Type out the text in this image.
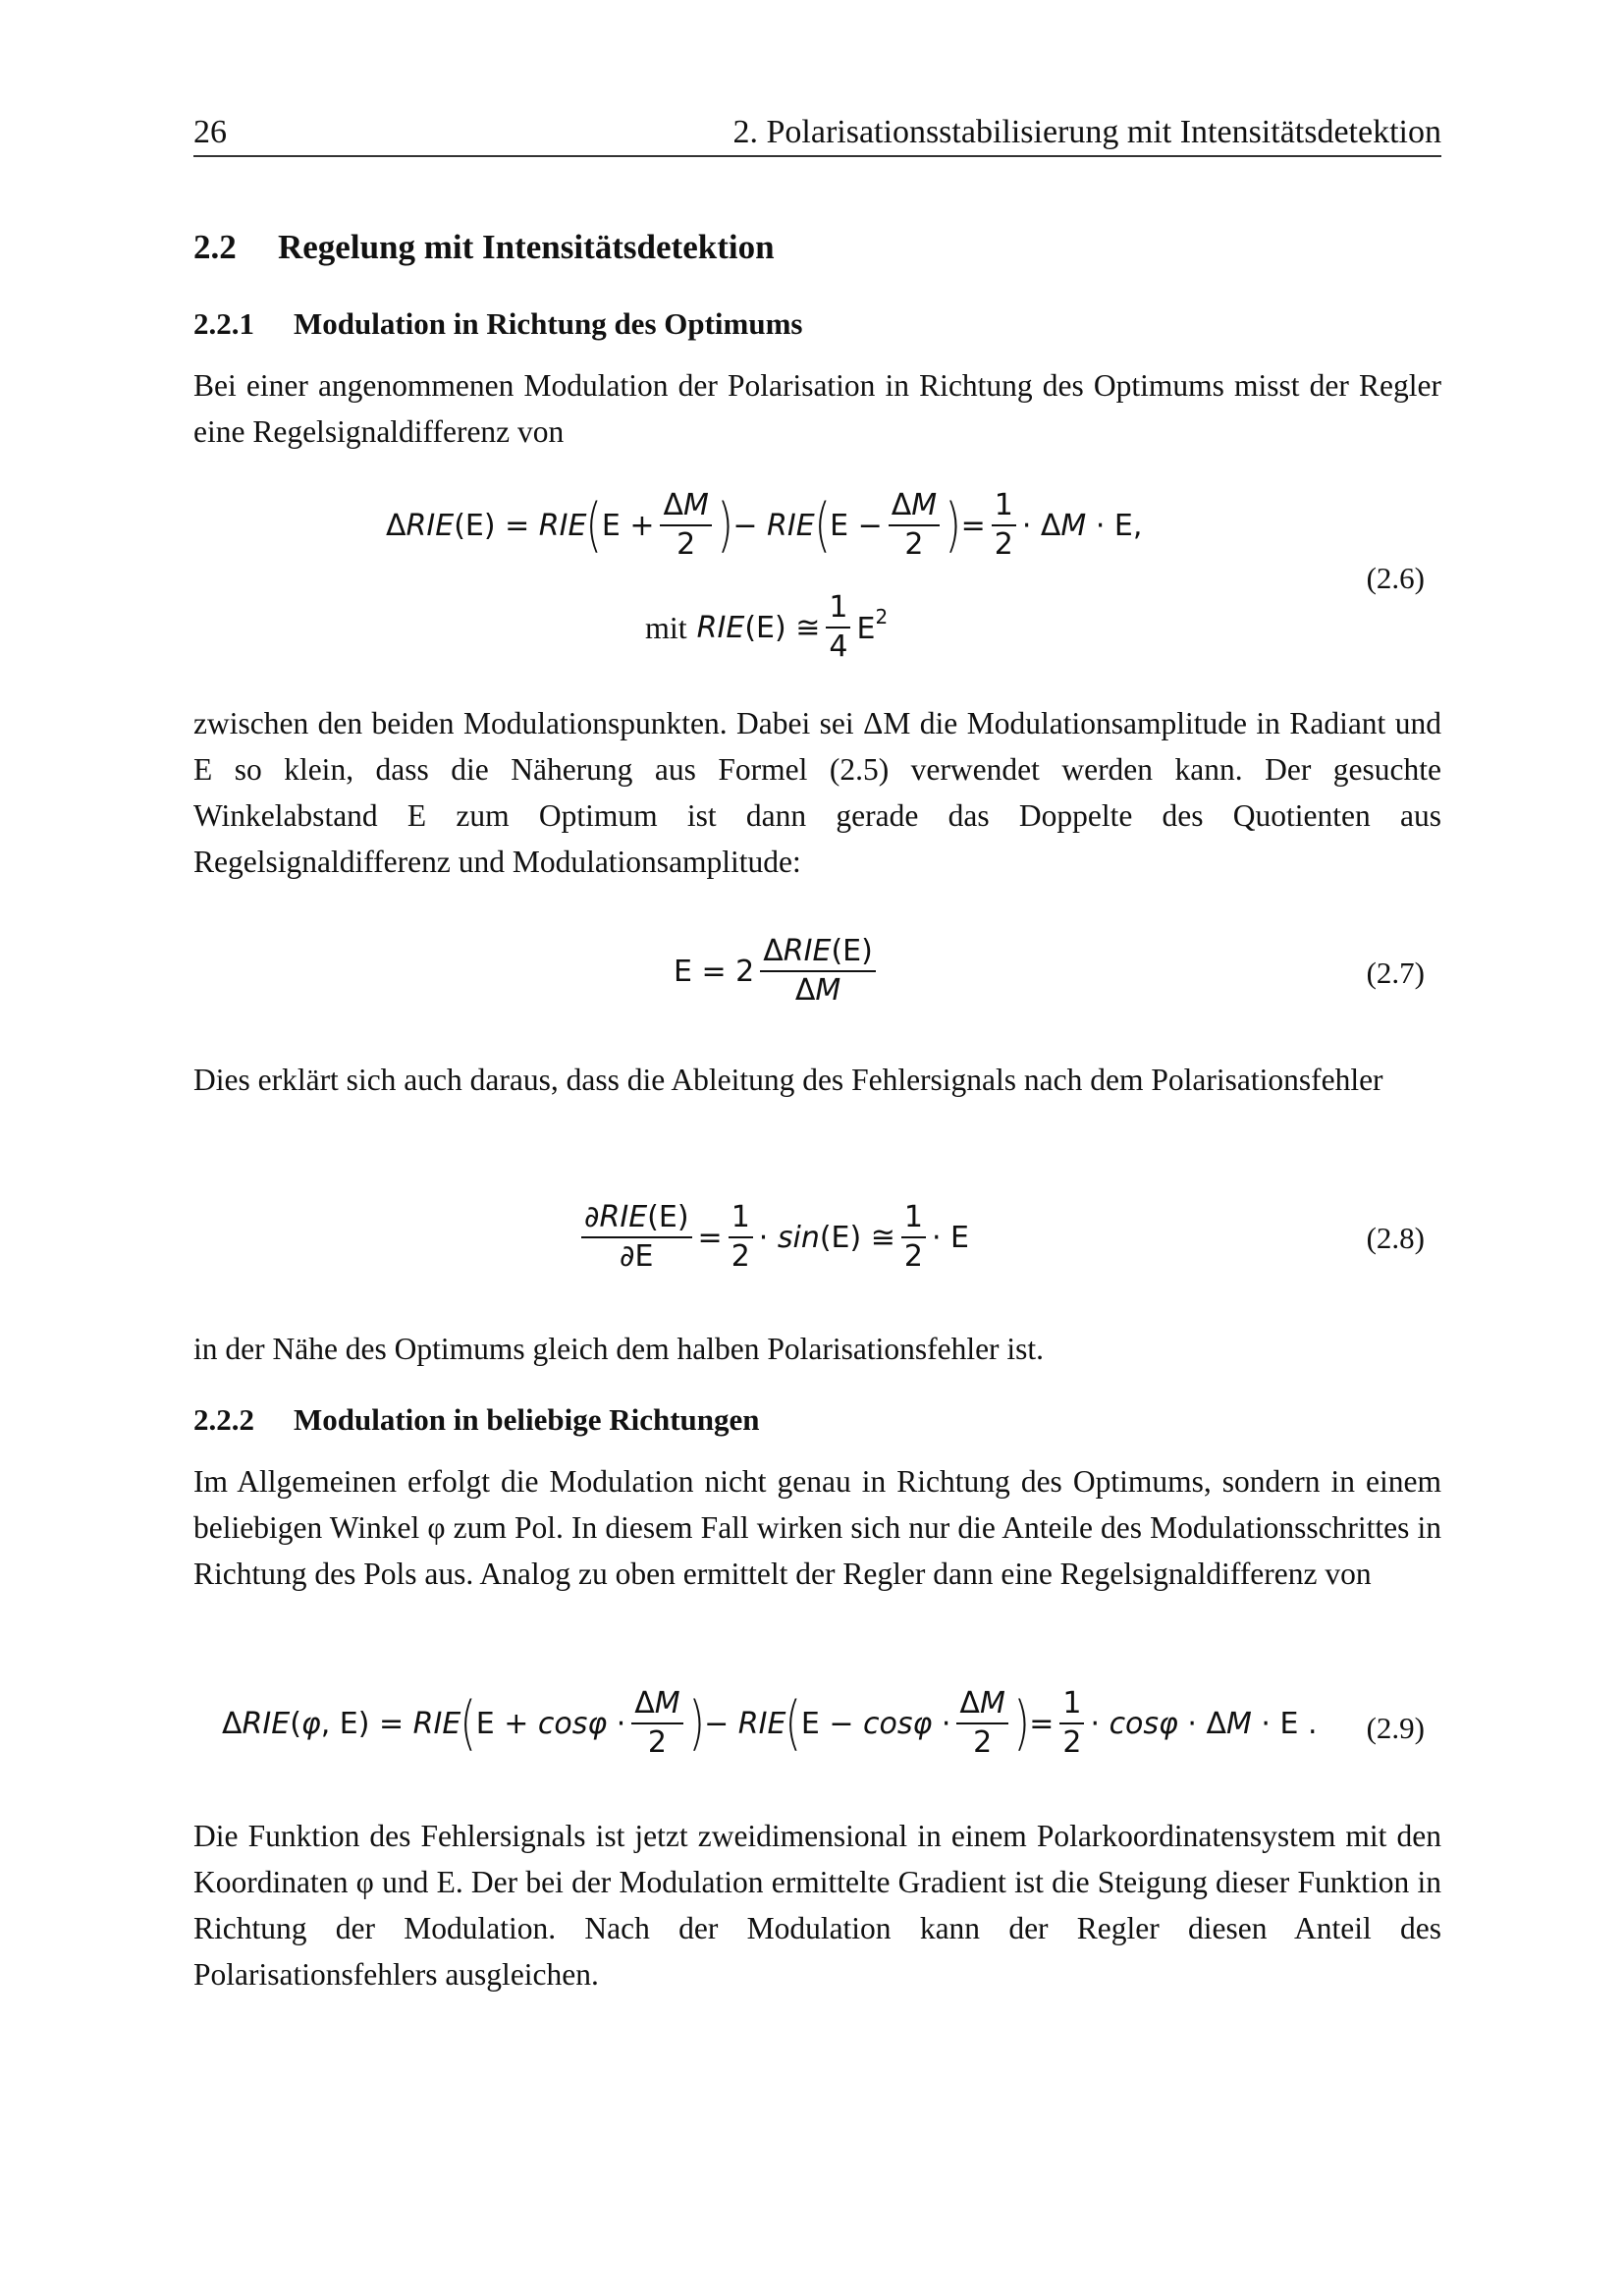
26	2. Polarisationsstabilisierung mit Intensitätsdetektion
2.2 Regelung mit Intensitätsdetektion
2.2.1 Modulation in Richtung des Optimums
Bei einer angenommenen Modulation der Polarisation in Richtung des Optimums misst der Regler eine Regelsignaldifferenz von
ΔRIE(E) = RIE ( $E + \frac{\Delta M}{2}$ ) − RIE ( $E - \frac{\Delta M}{2}$ ) = $\frac{1}{2} \cdot \Delta M \cdot E$,
mit RIE(E) ≅ $\frac{1}{4} E^2$
(2.6)
zwischen den beiden Modulationspunkten. Dabei sei ΔM die Modulationsamplitude in Radiant und E so klein, dass die Näherung aus Formel (2.5) verwendet werden kann. Der gesuchte Winkelabstand E zum Optimum ist dann gerade das Doppelte des Quotienten aus Regelsignaldifferenz und Modulationsamplitude:
$E = 2 \frac{\text{ΔRIE(E)}}{\Delta M}$	(2.7)
Dies erklärt sich auch daraus, dass die Ableitung des Fehlersignals nach dem Polarisationsfehler
$\frac{\text{∂RIE(E)}}{\partial E} = \frac{1}{2} \cdot \sin(E)$ ≅ $\frac{1}{2} \cdot E$	(2.8)
in der Nähe des Optimums gleich dem halben Polarisationsfehler ist.
2.2.2 Modulation in beliebige Richtungen
Im Allgemeinen erfolgt die Modulation nicht genau in Richtung des Optimums, sondern in einem beliebigen Winkel φ zum Pol. In diesem Fall wirken sich nur die Anteile des Modulationsschrittes in Richtung des Pols aus. Analog zu oben ermittelt der Regler dann eine Regelsignaldifferenz von
ΔRIE(φ, E) = RIE ( $E + \cos\varphi \cdot \frac{\Delta M}{2}$ ) − RIE ( $E - \cos\varphi \cdot \frac{\Delta M}{2}$ ) = $\frac{1}{2} \cdot \cos\varphi \cdot \Delta M \cdot E$ . (2.9)
Die Funktion des Fehlersignals ist jetzt zweidimensional in einem Polarkoordinatensystem mit den Koordinaten φ und E. Der bei der Modulation ermittelte Gradient ist die Steigung dieser Funktion in Richtung der Modulation. Nach der Modulation kann der Regler diesen Anteil des Polarisationsfehlers ausgleichen.
